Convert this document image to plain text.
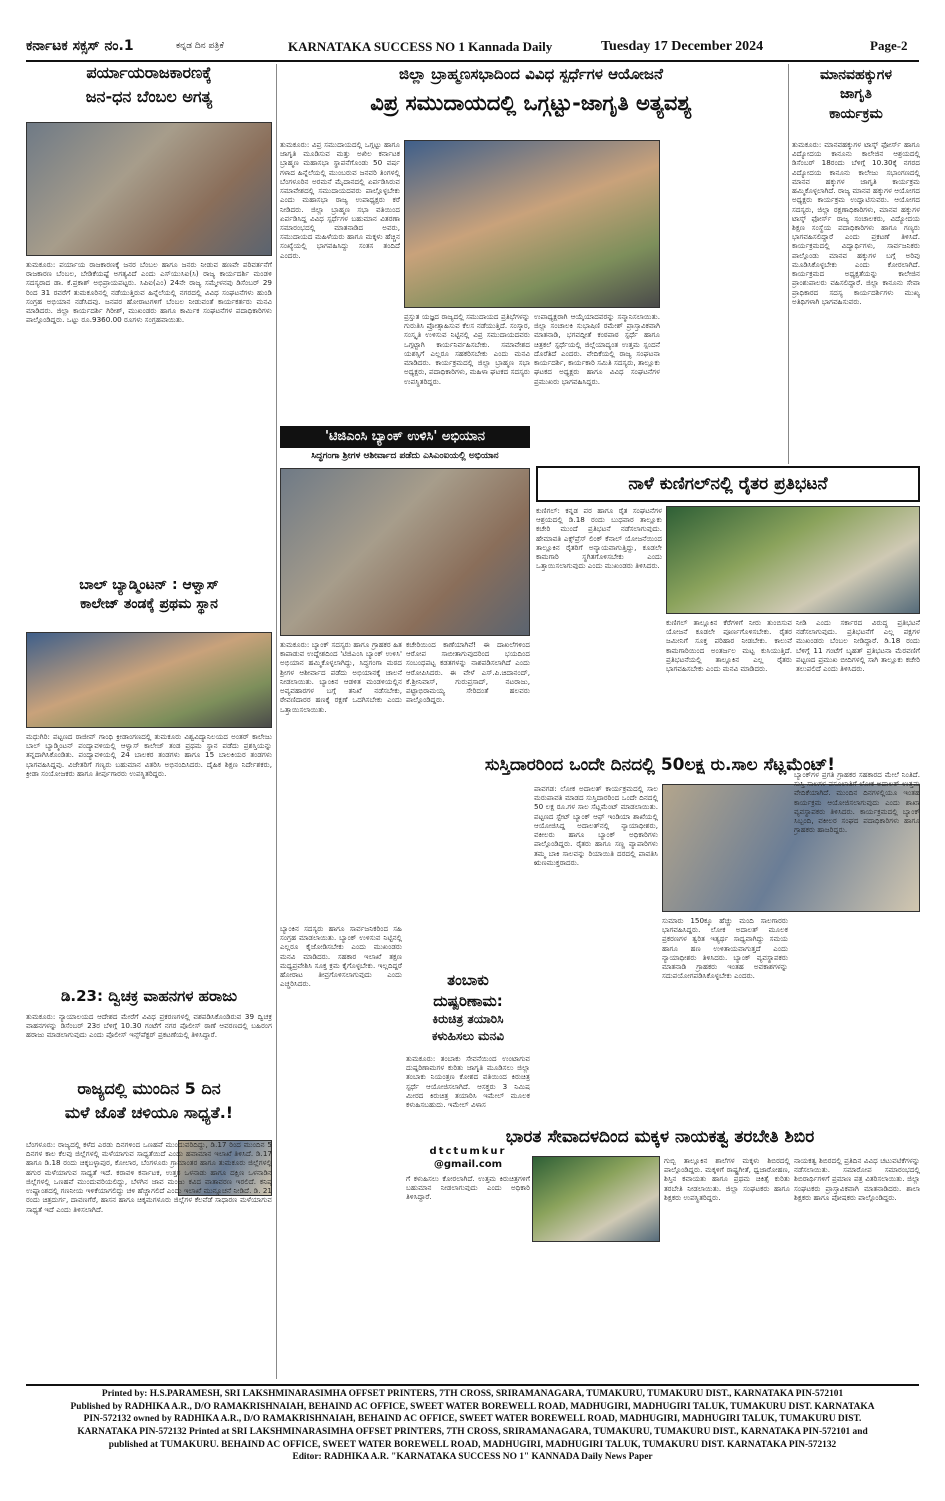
ಕರ್ನಾಟಕ ಸಕ್ಸಸ್ ನಂ.1	ಕನ್ನಡ ದಿನ ಪತ್ರಿಕೆ	KARNATAKA SUCCESS NO 1 Kannada Daily	Tuesday 17 December 2024	Page-2
ಪರ್ಯಾಯರಾಜಕಾರಣಕ್ಕೆ
ಜನ-ಧನ ಬೆಂಬಲ ಅಗತ್ಯ
ತುಮಕೂರು: ಪರ್ಯಾಯ ರಾಜಕಾರಣಕ್ಕೆ ಜನರ ಬೆಂಬಲ ಹಾಗೂ ಜನರು ನೀಡುವ ಹಣವೇ ಪರಿವರ್ತನೆಗೆ ರಾಜಕಾರಣ ಬೆಂಬಲ, ಬೇಡಿಕೆಯಷ್ಟೆ ಅಗತ್ಯವಿದೆ ಎಂದು ಎಸ್‌ಯುಸಿಐ(ಸಿ) ರಾಜ್ಯ ಕಾರ್ಯದರ್ಶಿ ಮಂಡಳಿ ಸದಸ್ಯರಾದ ಡಾ. ಕೆ.ಪ್ರಕಾಶ್ ಅಭಿಪ್ರಾಯಪಟ್ಟರು. ಸಿಪಿಐ(ಎಂ) 24ನೇ ರಾಜ್ಯ ಸಮ್ಮೇಳನವು ಡಿಸೆಂಬರ್ 29 ರಿಂದ 31 ರವರೆಗೆ ತುಮಕೂರಿನಲ್ಲಿ ನಡೆಯುತ್ತಿರುವ ಹಿನ್ನೆಲೆಯಲ್ಲಿ ನಗರದಲ್ಲಿ ವಿವಿಧ ಸಂಘಟನೆಗಳು ಹುಂಡಿ ಸಂಗ್ರಹ ಅಭಿಯಾನ ನಡೆಸಿದವು. ಜನಪರ ಹೋರಾಟಗಳಿಗೆ ಬೆಂಬಲ ನೀಡುವಂತೆ ಕಾರ್ಯಕರ್ತರು ಮನವಿ ಮಾಡಿದರು. ಜಿಲ್ಲಾ ಕಾರ್ಯದರ್ಶಿ ಗಿರೀಶ್, ಮುಖಂಡರು ಹಾಗೂ ಕಾರ್ಮಿಕ ಸಂಘಟನೆಗಳ ಪದಾಧಿಕಾರಿಗಳು ಪಾಲ್ಗೊಂಡಿದ್ದರು. ಒಟ್ಟು ರೂ.9360.00 ರೂಗಳು ಸಂಗ್ರಹವಾಯಿತು.
ಬಾಲ್ ಬ್ಯಾಡ್ಮಿಂಟನ್ : ಆಳ್ವಾಸ್
ಕಾಲೇಜ್ ತಂಡಕ್ಕೆ ಪ್ರಥಮ ಸ್ಥಾನ
ಮಧುಗಿರಿ: ಪಟ್ಟಣದ ರಾಜೀವ್ ಗಾಂಧಿ ಕ್ರೀಡಾಂಗಣದಲ್ಲಿ ತುಮಕೂರು ವಿಶ್ವವಿದ್ಯಾನಿಲಯದ ಅಂತರ್ ಕಾಲೇಜು ಬಾಲ್ ಬ್ಯಾಡ್ಮಿಂಟನ್ ಪಂದ್ಯಾವಳಿಯಲ್ಲಿ ಆಳ್ವಾಸ್ ಕಾಲೇಜ್ ತಂಡ ಪ್ರಥಮ ಸ್ಥಾನ ಪಡೆದು ಪ್ರಶಸ್ತಿಯನ್ನು ತನ್ನದಾಗಿಸಿಕೊಂಡಿತು. ಪಂದ್ಯಾವಳಿಯಲ್ಲಿ 24 ಬಾಲಕರ ತಂಡಗಳು ಹಾಗೂ 15 ಬಾಲಕಿಯರ ತಂಡಗಳು ಭಾಗವಹಿಸಿದ್ದವು. ವಿಜೇತರಿಗೆ ಗಣ್ಯರು ಬಹುಮಾನ ವಿತರಿಸಿ ಅಭಿನಂದಿಸಿದರು. ದೈಹಿಕ ಶಿಕ್ಷಣ ನಿರ್ದೇಶಕರು, ಕ್ರೀಡಾ ಸಂಯೋಜಕರು ಹಾಗೂ ತೀರ್ಪುಗಾರರು ಉಪಸ್ಥಿತರಿದ್ದರು.
ಡಿ.23: ದ್ವಿಚಕ್ರ ವಾಹನಗಳ ಹರಾಜು
ತುಮಕೂರು: ನ್ಯಾಯಾಲಯದ ಆದೇಶದ ಮೇರೆಗೆ ವಿವಿಧ ಪ್ರಕರಣಗಳಲ್ಲಿ ವಶಪಡಿಸಿಕೊಂಡಿರುವ 39 ದ್ವಿಚಕ್ರ ವಾಹನಗಳನ್ನು ಡಿಸೆಂಬರ್ 23ರ ಬೆಳಿಗ್ಗೆ 10.30 ಗಂಟೆಗೆ ನಗರ ಪೊಲೀಸ್ ಠಾಣೆ ಆವರಣದಲ್ಲಿ ಬಹಿರಂಗ ಹರಾಜು ಮಾಡಲಾಗುವುದು ಎಂದು ಪೊಲೀಸ್ ಇನ್ಸ್‌ಪೆಕ್ಟರ್ ಪ್ರಕಟಣೆಯಲ್ಲಿ ತಿಳಿಸಿದ್ದಾರೆ.
ರಾಜ್ಯದಲ್ಲಿ ಮುಂದಿನ 5 ದಿನ
ಮಳೆ ಜೊತೆ ಚಳಿಯೂ ಸಾಧ್ಯತೆ.!
ಬೆಂಗಳೂರು: ರಾಜ್ಯದಲ್ಲಿ ಕಳೆದ ಎರಡು ದಿನಗಳಿಂದ ಒಣಹವೆ ಮುಂದುವರಿದಿದ್ದು, ಡಿ.17 ರಿಂದ ಮುಂದಿನ 5 ದಿನಗಳ ಕಾಲ ಕೆಲವು ಜಿಲ್ಲೆಗಳಲ್ಲಿ ಮಳೆಯಾಗುವ ಸಾಧ್ಯತೆಯಿದೆ ಎಂದು ಹವಾಮಾನ ಇಲಾಖೆ ತಿಳಿಸಿದೆ. ಡಿ.17 ಹಾಗೂ ಡಿ.18 ರಂದು ಚಿಕ್ಕಬಳ್ಳಾಪುರ, ಕೋಲಾರ, ಬೆಂಗಳೂರು ಗ್ರಾಮಾಂತರ ಹಾಗೂ ತುಮಕೂರು ಜಿಲ್ಲೆಗಳಲ್ಲಿ ಹಗುರ ಮಳೆಯಾಗುವ ಸಾಧ್ಯತೆ ಇದೆ. ಕರಾವಳಿ ಕರ್ನಾಟಕ, ಉತ್ತರ ಒಳನಾಡು ಹಾಗೂ ದಕ್ಷಿಣ ಒಳನಾಡಿನ ಜಿಲ್ಲೆಗಳಲ್ಲಿ ಒಣಹವೆ ಮುಂದುವರಿಯಲಿದ್ದು, ಬೆಳಗಿನ ಜಾವ ಮಂಜು ಕವಿದ ವಾತಾವರಣ ಇರಲಿದೆ. ಕನಿಷ್ಠ ಉಷ್ಣಾಂಶದಲ್ಲಿ ಗಣನೀಯ ಇಳಿಕೆಯಾಗಲಿದ್ದು ಚಳಿ ಹೆಚ್ಚಾಗಲಿದೆ ಎಂದು ಇಲಾಖೆ ಮುನ್ಸೂಚನೆ ನೀಡಿದೆ. ಡಿ. 21 ರಂದು ಚಿತ್ರದುರ್ಗ, ದಾವಣಗೆರೆ, ಹಾಸನ ಹಾಗೂ ಚಿಕ್ಕಮಗಳೂರು ಜಿಲ್ಲೆಗಳ ಕೆಲವೆಡೆ ಸಾಧಾರಣ ಮಳೆಯಾಗುವ ಸಾಧ್ಯತೆ ಇದೆ ಎಂದು ತಿಳಿಸಲಾಗಿದೆ.
ಜಿಲ್ಲಾ ಬ್ರಾಹ್ಮಣಸಭಾದಿಂದ ವಿವಿಧ ಸ್ಪರ್ಧೆಗಳ ಆಯೋಜನೆ
ವಿಪ್ರ ಸಮುದಾಯದಲ್ಲಿ ಒಗ್ಗಟ್ಟು-ಜಾಗೃತಿ ಅತ್ಯವಶ್ಯ
ತುಮಕೂರು: ವಿಪ್ರ ಸಮುದಾಯದಲ್ಲಿ ಒಗ್ಗಟ್ಟು ಹಾಗೂ ಜಾಗೃತಿ ಮೂಡಿಸುವ ಮತ್ತು ಅಖಿಲ ಕರ್ನಾಟಕ ಬ್ರಾಹ್ಮಣ ಮಹಾಸಭಾ ಸ್ಥಾಪನೆಗೊಂಡು 50 ವರ್ಷ ಗಳಾದ ಹಿನ್ನೆಲೆಯಲ್ಲಿ ಮುಂಬರುವ ಜನವರಿ ತಿಂಗಳಲ್ಲಿ ಬೆಂಗಳೂರಿನ ಅರಮನೆ ಮೈದಾನದಲ್ಲಿ ಏರ್ಪಡಿಸಿರುವ ಸಮಾವೇಶದಲ್ಲಿ ಸಮುದಾಯದವರು ಪಾಲ್ಗೊಳ್ಳಬೇಕು ಎಂದು ಮಹಾಸಭಾ ರಾಜ್ಯ ಉಪಾಧ್ಯಕ್ಷರು ಕರೆ ನೀಡಿದರು. ಜಿಲ್ಲಾ ಬ್ರಾಹ್ಮಣ ಸಭಾ ವತಿಯಿಂದ ಏರ್ಪಡಿಸಿದ್ದ ವಿವಿಧ ಸ್ಪರ್ಧೆಗಳ ಬಹುಮಾನ ವಿತರಣಾ ಸಮಾರಂಭದಲ್ಲಿ ಮಾತನಾಡಿದ ಅವರು, ಸಮುದಾಯದ ಮಹಿಳೆಯರು ಹಾಗೂ ಮಕ್ಕಳು ಹೆಚ್ಚಿನ ಸಂಖ್ಯೆಯಲ್ಲಿ ಭಾಗವಹಿಸಿದ್ದು ಸಂತಸ ತಂದಿದೆ ಎಂದರು.
ಪ್ರಸ್ತುತ ಯಜ್ಞದ ರಾಜ್ಯದಲ್ಲಿ ಸಮುದಾಯದ ಪ್ರತಿಭೆಗಳನ್ನು ಗುರುತಿಸಿ ಪ್ರೋತ್ಸಾಹಿಸುವ ಕೆಲಸ ನಡೆಯುತ್ತಿದೆ. ಸಂಸ್ಕಾರ, ಸಂಸ್ಕೃತಿ ಉಳಿಸುವ ನಿಟ್ಟಿನಲ್ಲಿ ವಿಪ್ರ ಸಮುದಾಯದವರು ಒಗ್ಗಟ್ಟಾಗಿ ಕಾರ್ಯನಿರ್ವಹಿಸಬೇಕು. ಸಮಾವೇಶದ ಯಶಸ್ಸಿಗೆ ಎಲ್ಲರೂ ಸಹಕರಿಸಬೇಕು ಎಂದು ಮನವಿ ಮಾಡಿದರು. ಕಾರ್ಯಕ್ರಮದಲ್ಲಿ ಜಿಲ್ಲಾ ಬ್ರಾಹ್ಮಣ ಸಭಾ ಅಧ್ಯಕ್ಷರು, ಪದಾಧಿಕಾರಿಗಳು, ಮಹಿಳಾ ಘಟಕದ ಸದಸ್ಯರು ಉಪಸ್ಥಿತರಿದ್ದರು.
ಉಪಾಧ್ಯಕ್ಷರಾಗಿ ಆಯ್ಕೆಯಾದವರನ್ನು ಸನ್ಮಾನಿಸಲಾಯಿತು. ಜಿಲ್ಲಾ ಸಂಚಾಲಕಿ ಸುಭಾಷಿಣಿ ರಮೇಶ್ ಪ್ರಾಸ್ತಾವಿಕವಾಗಿ ಮಾತನಾಡಿ, ಭಗವದ್ಗೀತೆ ಕಂಠಪಾಠ ಸ್ಪರ್ಧೆ ಹಾಗೂ ಚಿತ್ರಕಲೆ ಸ್ಪರ್ಧೆಯಲ್ಲಿ ಜಿಲ್ಲೆಯಾದ್ಯಂತ ಉತ್ತಮ ಸ್ಪಂದನೆ ದೊರೆತಿದೆ ಎಂದರು. ವೇದಿಕೆಯಲ್ಲಿ ರಾಜ್ಯ ಸಂಘಟನಾ ಕಾರ್ಯದರ್ಶಿ, ಕಾರ್ಯಕಾರಿ ಸಮಿತಿ ಸದಸ್ಯರು, ತಾಲ್ಲೂಕು ಘಟಕದ ಅಧ್ಯಕ್ಷರು ಹಾಗೂ ವಿವಿಧ ಸಂಘಟನೆಗಳ ಪ್ರಮುಖರು ಭಾಗವಹಿಸಿದ್ದರು.
'ಟಿಜಿಎಂಸಿ ಬ್ಯಾಂಕ್ ಉಳಿಸಿ' ಅಭಿಯಾನ
ಸಿದ್ಧಗಂಗಾ ಶ್ರೀಗಳ ಆಶೀರ್ವಾದ ಪಡೆದು ಎಸಿಎಂಐಯಲ್ಲಿ ಅಭಿಯಾನ
ತುಮಕೂರು: ಬ್ಯಾಂಕ್ ಸದಸ್ಯರು ಹಾಗೂ ಗ್ರಾಹಕರ ಹಿತ ಕಾಪಾಡುವ ಉದ್ದೇಶದಿಂದ 'ಟಿಜಿಎಂಸಿ ಬ್ಯಾಂಕ್ ಉಳಿಸಿ' ಅಭಿಯಾನ ಹಮ್ಮಿಕೊಳ್ಳಲಾಗಿದ್ದು, ಸಿದ್ಧಗಂಗಾ ಮಠದ ಶ್ರೀಗಳ ಆಶೀರ್ವಾದ ಪಡೆದು ಅಭಿಯಾನಕ್ಕೆ ಚಾಲನೆ ನೀಡಲಾಯಿತು. ಬ್ಯಾಂಕಿನ ಆಡಳಿತ ಮಂಡಳಿಯಲ್ಲಿನ ಅವ್ಯವಹಾರಗಳ ಬಗ್ಗೆ ತನಿಖೆ ನಡೆಸಬೇಕು, ಠೇವಣಿದಾರರ ಹಣಕ್ಕೆ ರಕ್ಷಣೆ ಒದಗಿಸಬೇಕು ಎಂದು ಒತ್ತಾಯಿಸಲಾಯಿತು.
ಬ್ಯಾಂಕಿನ ಸದಸ್ಯರು ಹಾಗೂ ಸಾರ್ವಜನಿಕರಿಂದ ಸಹಿ ಸಂಗ್ರಹ ಮಾಡಲಾಯಿತು. ಬ್ಯಾಂಕ್ ಉಳಿಸುವ ನಿಟ್ಟಿನಲ್ಲಿ ಎಲ್ಲರೂ ಕೈಜೋಡಿಸಬೇಕು ಎಂದು ಮುಖಂಡರು ಮನವಿ ಮಾಡಿದರು. ಸಹಕಾರ ಇಲಾಖೆ ತಕ್ಷಣ ಮಧ್ಯಪ್ರವೇಶಿಸಿ ಸೂಕ್ತ ಕ್ರಮ ಕೈಗೊಳ್ಳಬೇಕು. ಇಲ್ಲದಿದ್ದರೆ ಹೋರಾಟ ತೀವ್ರಗೊಳಿಸಲಾಗುವುದು ಎಂದು ಎಚ್ಚರಿಸಿದರು.
ಕಚೇರಿಯಿಂದ ಕಾಣೆಯಾಗಿವೆ! ಈ ದಾಖಲೆಗಳಿಂದ ಆರೋಪ ಸಾಬೀತಾಗುವುದರಿಂದ ಭಯದಿಂದ ಸಂಬಂಧಪಟ್ಟ ಕಡತಗಳನ್ನು ನಾಶಪಡಿಸಲಾಗಿದೆ ಎಂದು ಆರೋಪಿಸಿದರು. ಈ ವೇಳೆ ಎಸ್.ಪಿ.ಚಿದಾನಂದ್, ಕೆ.ಶ್ರೀನಿವಾಸ್, ಗುರುಪ್ರಸಾದ್, ನಟರಾಜು, ಪಟ್ಟಾಭಿರಾಮಯ್ಯ ಸೇರಿದಂತೆ ಹಲವರು ಪಾಲ್ಗೊಂಡಿದ್ದರು.
ತಂಬಾಕು
ದುಷ್ಪರಿಣಾಮ:
ಕಿರುಚಿತ್ರ ತಯಾರಿಸಿ
ಕಳುಹಿಸಲು ಮನವಿ
ತುಮಕೂರು: ತಂಬಾಕು ಸೇವನೆಯಿಂದ ಉಂಟಾಗುವ ದುಷ್ಪರಿಣಾಮಗಳ ಕುರಿತು ಜಾಗೃತಿ ಮೂಡಿಸಲು ಜಿಲ್ಲಾ ತಂಬಾಕು ನಿಯಂತ್ರಣ ಕೋಶದ ವತಿಯಿಂದ ಕಿರುಚಿತ್ರ ಸ್ಪರ್ಧೆ ಆಯೋಜಿಸಲಾಗಿದೆ. ಆಸಕ್ತರು 3 ನಿಮಿಷ ಮೀರದ ಕಿರುಚಿತ್ರ ತಯಾರಿಸಿ ಇಮೇಲ್ ಮೂಲಕ ಕಳುಹಿಸಬಹುದು. ಇಮೇಲ್ ವಿಳಾಸ
dtctumkur
@gmail.com
ಗೆ ಕಳುಹಿಸಲು ಕೋರಲಾಗಿದೆ. ಉತ್ತಮ ಕಿರುಚಿತ್ರಗಳಿಗೆ ಬಹುಮಾನ ನೀಡಲಾಗುವುದು ಎಂದು ಅಧಿಕಾರಿ ತಿಳಿಸಿದ್ದಾರೆ.
ನಾಳೆ ಕುಣಿಗಲ್‌ನಲ್ಲಿ ರೈತರ ಪ್ರತಿಭಟನೆ
ಕುಣಿಗಲ್: ಕನ್ನಡ ಪರ ಹಾಗೂ ರೈತ ಸಂಘಟನೆಗಳ ಆಶ್ರಯದಲ್ಲಿ ಡಿ.18 ರಂದು ಬುಧವಾರ ತಾಲ್ಲೂಕು ಕಚೇರಿ ಮುಂದೆ ಪ್ರತಿಭಟನೆ ನಡೆಸಲಾಗುವುದು. ಹೇಮಾವತಿ ಎಕ್ಸ್‌ಪ್ರೆಸ್ ಲಿಂಕ್ ಕೆನಾಲ್ ಯೋಜನೆಯಿಂದ ತಾಲ್ಲೂಕಿನ ರೈತರಿಗೆ ಅನ್ಯಾಯವಾಗುತ್ತಿದ್ದು, ಕೂಡಲೇ ಕಾಮಗಾರಿ ಸ್ಥಗಿತಗೊಳಿಸಬೇಕು ಎಂದು ಒತ್ತಾಯಿಸಲಾಗುವುದು ಎಂದು ಮುಖಂಡರು ತಿಳಿಸಿದರು.
ಕುಣಿಗಲ್ ತಾಲ್ಲೂಕಿನ ಕೆರೆಗಳಿಗೆ ನೀರು ತುಂಬಿಸುವ ಯೋಜನೆ ಕೂಡಲೇ ಪೂರ್ಣಗೊಳಿಸಬೇಕು. ರೈತರ ಜಮೀನಿಗೆ ಸೂಕ್ತ ಪರಿಹಾರ ನೀಡಬೇಕು. ಕಾಲುವೆ ಕಾಮಗಾರಿಯಿಂದ ಅಂತರ್ಜಲ ಮಟ್ಟ ಕುಸಿಯುತ್ತಿದೆ. ಪ್ರತಿಭಟನೆಯಲ್ಲಿ ತಾಲ್ಲೂಕಿನ ಎಲ್ಲ ರೈತರು ಭಾಗವಹಿಸಬೇಕು ಎಂದು ಮನವಿ ಮಾಡಿದರು.
ನೀಡಿ ಎಂದು ಸರ್ಕಾರದ ವಿರುದ್ಧ ಪ್ರತಿಭಟನೆ ನಡೆಸಲಾಗುವುದು. ಪ್ರತಿಭಟನೆಗೆ ಎಲ್ಲ ಪಕ್ಷಗಳ ಮುಖಂಡರು ಬೆಂಬಲ ನೀಡಿದ್ದಾರೆ. ಡಿ.18 ರಂದು ಬೆಳಿಗ್ಗೆ 11 ಗಂಟೆಗೆ ಬೃಹತ್ ಪ್ರತಿಭಟನಾ ಮೆರವಣಿಗೆ ಪಟ್ಟಣದ ಪ್ರಮುಖ ಬೀದಿಗಳಲ್ಲಿ ಸಾಗಿ ತಾಲ್ಲೂಕು ಕಚೇರಿ ತಲುಪಲಿದೆ ಎಂದು ತಿಳಿಸಿದರು.
ಸುಸ್ತಿದಾರರಿಂದ ಒಂದೇ ದಿನದಲ್ಲಿ 50ಲಕ್ಷ ರು.ಸಾಲ ಸೆಟ್ಲಮೆಂಟ್!
ಪಾವಗಡ: ಲೋಕ ಅದಾಲತ್ ಕಾರ್ಯಕ್ರಮದಲ್ಲಿ ಸಾಲ ಮರುಪಾವತಿ ಮಾಡದ ಸುಸ್ತಿದಾರರಿಂದ ಒಂದೇ ದಿನದಲ್ಲಿ 50 ಲಕ್ಷ ರೂ.ಗಳ ಸಾಲ ಸೆಟ್ಲಮೆಂಟ್ ಮಾಡಲಾಯಿತು. ಪಟ್ಟಣದ ಸ್ಟೇಟ್ ಬ್ಯಾಂಕ್ ಆಫ್ ಇಂಡಿಯಾ ಶಾಖೆಯಲ್ಲಿ ಆಯೋಜಿಸಿದ್ದ ಅದಾಲತ್‌ನಲ್ಲಿ ನ್ಯಾಯಾಧೀಶರು, ವಕೀಲರು ಹಾಗೂ ಬ್ಯಾಂಕ್ ಅಧಿಕಾರಿಗಳು ಪಾಲ್ಗೊಂಡಿದ್ದರು. ರೈತರು ಹಾಗೂ ಸಣ್ಣ ವ್ಯಾಪಾರಿಗಳು ತಮ್ಮ ಬಾಕಿ ಸಾಲವನ್ನು ರಿಯಾಯಿತಿ ದರದಲ್ಲಿ ಪಾವತಿಸಿ ಋಣಮುಕ್ತರಾದರು.
ಸುಮಾರು 150ಕ್ಕೂ ಹೆಚ್ಚು ಮಂದಿ ಸಾಲಗಾರರು ಭಾಗವಹಿಸಿದ್ದರು. ಲೋಕ ಅದಾಲತ್ ಮೂಲಕ ಪ್ರಕರಣಗಳ ತ್ವರಿತ ಇತ್ಯರ್ಥ ಸಾಧ್ಯವಾಗಿದ್ದು ಸಮಯ ಹಾಗೂ ಹಣ ಉಳಿತಾಯವಾಗುತ್ತದೆ ಎಂದು ನ್ಯಾಯಾಧೀಶರು ತಿಳಿಸಿದರು. ಬ್ಯಾಂಕ್ ವ್ಯವಸ್ಥಾಪಕರು ಮಾತನಾಡಿ ಗ್ರಾಹಕರು ಇಂತಹ ಅವಕಾಶಗಳನ್ನು ಸದುಪಯೋಗಪಡಿಸಿಕೊಳ್ಳಬೇಕು ಎಂದರು.
ಬ್ಯಾಂಕ್‌ಗಳ ಪ್ರಗತಿ ಗ್ರಾಹಕರ ಸಹಕಾರದ ಮೇಲೆ ನಿಂತಿದೆ. ಸುಸ್ತಿ ಸಾಲಗಳ ವಸೂಲಾತಿಗೆ ಲೋಕ ಅದಾಲತ್ ಉತ್ತಮ ವೇದಿಕೆಯಾಗಿದೆ. ಮುಂದಿನ ದಿನಗಳಲ್ಲಿಯೂ ಇಂತಹ ಕಾರ್ಯಕ್ರಮ ಆಯೋಜಿಸಲಾಗುವುದು ಎಂದು ಶಾಖಾ ವ್ಯವಸ್ಥಾಪಕರು ತಿಳಿಸಿದರು. ಕಾರ್ಯಕ್ರಮದಲ್ಲಿ ಬ್ಯಾಂಕ್ ಸಿಬ್ಬಂದಿ, ವಕೀಲರ ಸಂಘದ ಪದಾಧಿಕಾರಿಗಳು ಹಾಗೂ ಗ್ರಾಹಕರು ಹಾಜರಿದ್ದರು.
ಭಾರತ ಸೇವಾದಳದಿಂದ ಮಕ್ಕಳ ನಾಯಕತ್ವ ತರಬೇತಿ ಶಿಬಿರ
ಗುಬ್ಬಿ ತಾಲ್ಲೂಕಿನ ಶಾಲೆಗಳ ಮಕ್ಕಳು ಶಿಬಿರದಲ್ಲಿ ಪಾಲ್ಗೊಂಡಿದ್ದರು. ಮಕ್ಕಳಿಗೆ ರಾಷ್ಟ್ರಗೀತೆ, ಧ್ವಜಾರೋಹಣ, ಶಿಸ್ತಿನ ಕವಾಯತು ಹಾಗೂ ಪ್ರಥಮ ಚಿಕಿತ್ಸೆ ಕುರಿತು ತರಬೇತಿ ನೀಡಲಾಯಿತು. ಜಿಲ್ಲಾ ಸಂಘಟಕರು ಹಾಗೂ ಶಿಕ್ಷಕರು ಉಪಸ್ಥಿತರಿದ್ದರು.
ನಾಯಕತ್ವ ಶಿಬಿರದಲ್ಲಿ ಪ್ರತಿದಿನ ವಿವಿಧ ಚಟುವಟಿಕೆಗಳನ್ನು ನಡೆಸಲಾಯಿತು. ಸಮಾರೋಪ ಸಮಾರಂಭದಲ್ಲಿ ಶಿಬಿರಾರ್ಥಿಗಳಿಗೆ ಪ್ರಮಾಣ ಪತ್ರ ವಿತರಿಸಲಾಯಿತು. ಜಿಲ್ಲಾ ಸಂಘಟಕರು ಪ್ರಾಸ್ತಾವಿಕವಾಗಿ ಮಾತನಾಡಿದರು. ಶಾಲಾ ಶಿಕ್ಷಕರು ಹಾಗೂ ಪೋಷಕರು ಪಾಲ್ಗೊಂಡಿದ್ದರು.
ಮಾನವಹಕ್ಕುಗಳ
ಜಾಗೃತಿ
ಕಾರ್ಯಕ್ರಮ
ತುಮಕೂರು: ಮಾನವಹಕ್ಕುಗಳ ಟಾಸ್ಕ್ ಫೋರ್ಸ್ ಹಾಗೂ ವಿದ್ಯೋದಯ ಕಾನೂನು ಕಾಲೇಜಿನ ಆಶ್ರಯದಲ್ಲಿ ಡಿಸೆಂಬರ್ 18ರಂದು ಬೆಳಿಗ್ಗೆ 10.30ಕ್ಕೆ ನಗರದ ವಿದ್ಯೋದಯ ಕಾನೂನು ಕಾಲೇಜು ಸಭಾಂಗಣದಲ್ಲಿ ಮಾನವ ಹಕ್ಕುಗಳ ಜಾಗೃತಿ ಕಾರ್ಯಕ್ರಮ ಹಮ್ಮಿಕೊಳ್ಳಲಾಗಿದೆ. ರಾಜ್ಯ ಮಾನವ ಹಕ್ಕುಗಳ ಆಯೋಗದ ಅಧ್ಯಕ್ಷರು ಕಾರ್ಯಕ್ರಮ ಉದ್ಘಾಟಿಸುವರು. ಆಯೋಗದ ಸದಸ್ಯರು, ಜಿಲ್ಲಾ ರಕ್ಷಣಾಧಿಕಾರಿಗಳು, ಮಾನವ ಹಕ್ಕುಗಳ ಟಾಸ್ಕ್ ಫೋರ್ಸ್ ರಾಜ್ಯ ಸಂಚಾಲಕರು, ವಿದ್ಯೋದಯ ಶಿಕ್ಷಣ ಸಂಸ್ಥೆಯ ಪದಾಧಿಕಾರಿಗಳು ಹಾಗೂ ಗಣ್ಯರು ಭಾಗವಹಿಸಲಿದ್ದಾರೆ ಎಂದು ಪ್ರಕಟಣೆ ತಿಳಿಸಿದೆ. ಕಾರ್ಯಕ್ರಮದಲ್ಲಿ ವಿದ್ಯಾರ್ಥಿಗಳು, ಸಾರ್ವಜನಿಕರು ಪಾಲ್ಗೊಂಡು ಮಾನವ ಹಕ್ಕುಗಳ ಬಗ್ಗೆ ಅರಿವು ಮೂಡಿಸಿಕೊಳ್ಳಬೇಕು ಎಂದು ಕೋರಲಾಗಿದೆ. ಕಾರ್ಯಕ್ರಮದ ಅಧ್ಯಕ್ಷತೆಯನ್ನು ಕಾಲೇಜಿನ ಪ್ರಾಂಶುಪಾಲರು ವಹಿಸಲಿದ್ದಾರೆ. ಜಿಲ್ಲಾ ಕಾನೂನು ಸೇವಾ ಪ್ರಾಧಿಕಾರದ ಸದಸ್ಯ ಕಾರ್ಯದರ್ಶಿಗಳು ಮುಖ್ಯ ಅತಿಥಿಗಳಾಗಿ ಭಾಗವಹಿಸುವರು.
Printed by: H.S.PARAMESH, SRI LAKSHMINARASIMHA OFFSET PRINTERS, 7TH CROSS, SRIRAMANAGARA, TUMAKURU, TUMAKURU DIST., KARNATAKA PIN-572101
Published by RADHIKA A.R., D/O RAMAKRISHNAIAH, BEHAIND AC OFFICE, SWEET WATER BOREWELL ROAD, MADHUGIRI, MADHUGIRI TALUK, TUMAKURU DIST. KARNATAKA
PIN-572132 owned by RADHIKA A.R., D/O RAMAKRISHNAIAH, BEHAIND AC OFFICE, SWEET WATER BOREWELL ROAD, MADHUGIRI, MADHUGIRI TALUK, TUMAKURU DIST.
KARNATAKA PIN-572132 Printed at SRI LAKSHMINARASIMHA OFFSET PRINTERS, 7TH CROSS, SRIRAMANAGARA, TUMAKURU, TUMAKURU DIST., KARNATAKA PIN-572101 and
published at TUMAKURU. BEHAIND AC OFFICE, SWEET WATER BOREWELL ROAD, MADHUGIRI, MADHUGIRI TALUK, TUMAKURU DIST. KARNATAKA PIN-572132
Editor: RADHIKA A.R. "KARNATAKA SUCCESS NO 1" KANNADA Daily News Paper
